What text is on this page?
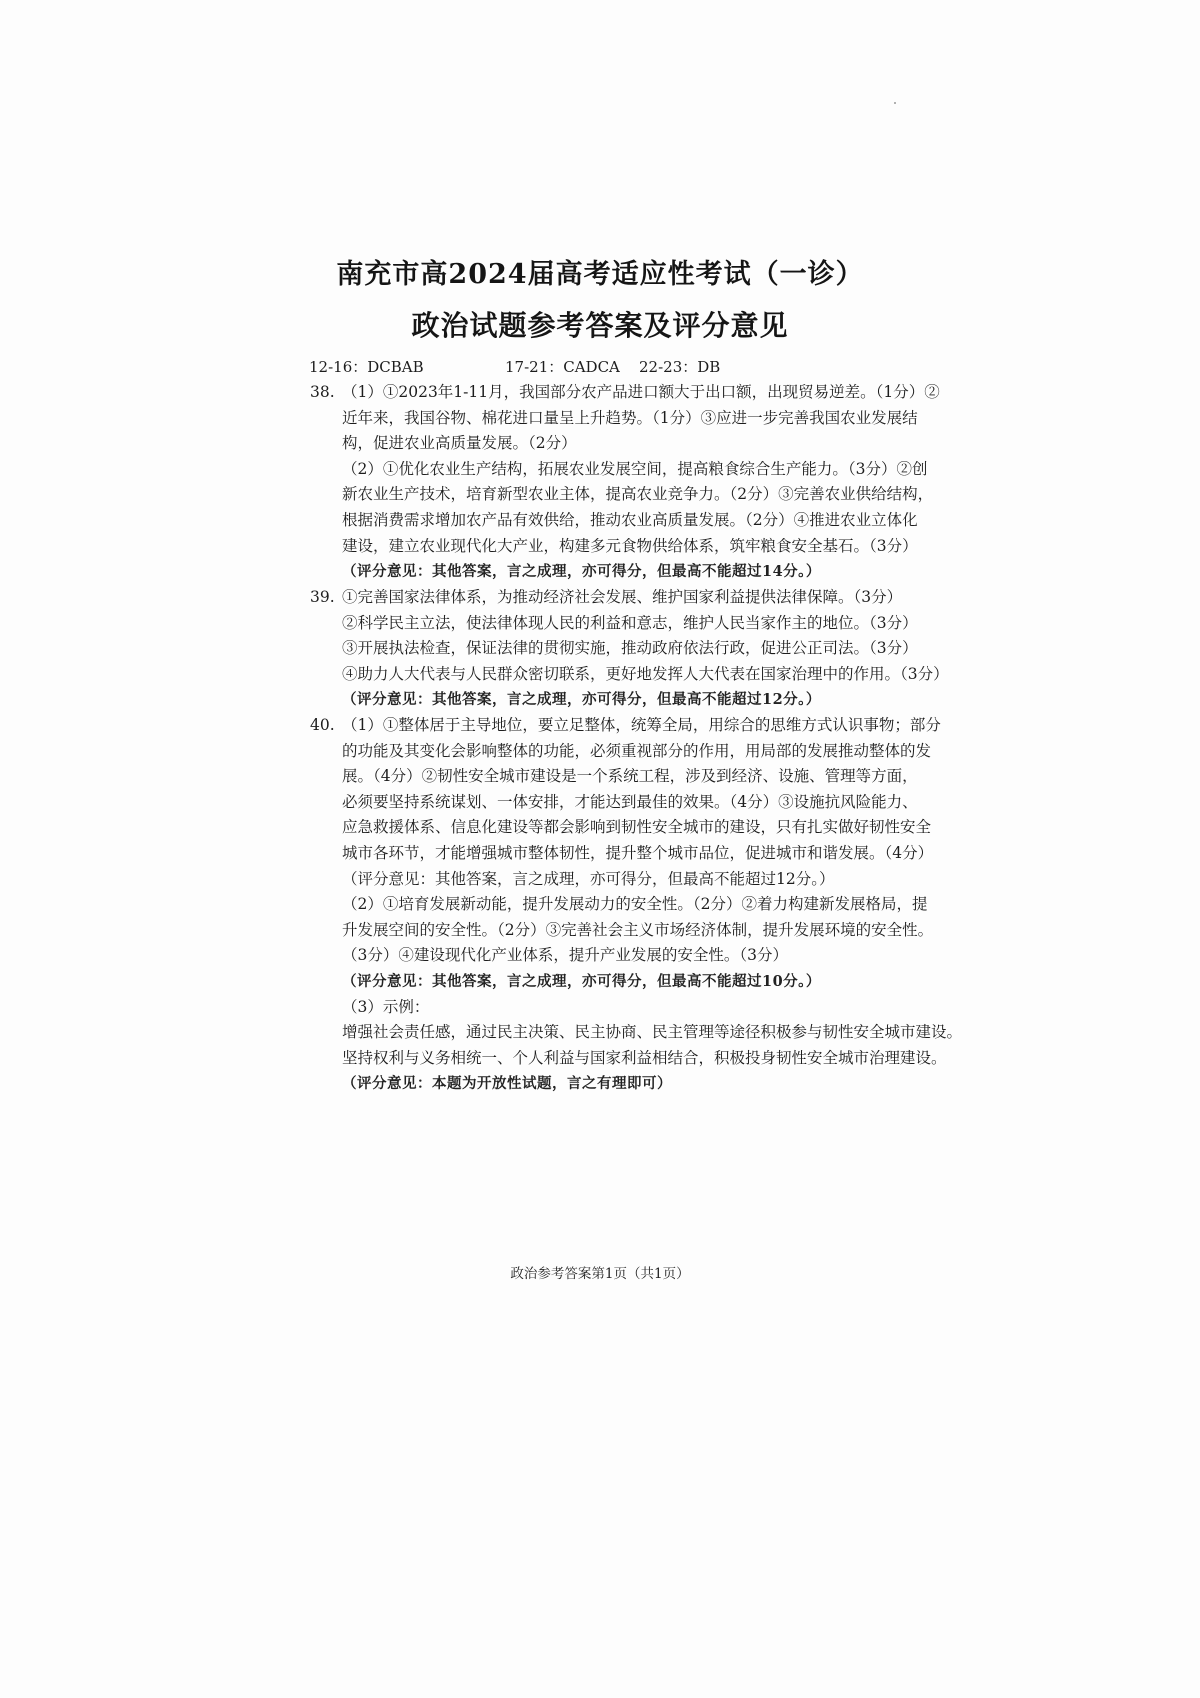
南充市高2024届高考适应性考试（一诊）
政治试题参考答案及评分意见
12-16：DCBAB	17-21：CADCA 22-23：DB
38. （1）①2023年1-11月，我国部分农产品进口额大于出口额，出现贸易逆差。（1分）②
近年来，我国谷物、棉花进口量呈上升趋势。（1分）③应进一步完善我国农业发展结
构，促进农业高质量发展。（2分）
（2）①优化农业生产结构，拓展农业发展空间，提高粮食综合生产能力。（3分）②创
新农业生产技术，培育新型农业主体，提高农业竞争力。（2分）③完善农业供给结构，
根据消费需求增加农产品有效供给，推动农业高质量发展。（2分）④推进农业立体化
建设，建立农业现代化大产业，构建多元食物供给体系，筑牢粮食安全基石。（3分）
（评分意见：其他答案，言之成理，亦可得分，但最高不能超过14分。）
39. ①完善国家法律体系，为推动经济社会发展、维护国家利益提供法律保障。（3分）
②科学民主立法，使法律体现人民的利益和意志，维护人民当家作主的地位。（3分）
③开展执法检查，保证法律的贯彻实施，推动政府依法行政，促进公正司法。（3分）
④助力人大代表与人民群众密切联系，更好地发挥人大代表在国家治理中的作用。（3分）
（评分意见：其他答案，言之成理，亦可得分，但最高不能超过12分。）
40. （1）①整体居于主导地位，要立足整体，统筹全局，用综合的思维方式认识事物；部分
的功能及其变化会影响整体的功能，必须重视部分的作用，用局部的发展推动整体的发
展。（4分）②韧性安全城市建设是一个系统工程，涉及到经济、设施、管理等方面，
必须要坚持系统谋划、一体安排，才能达到最佳的效果。（4分）③设施抗风险能力、
应急救援体系、信息化建设等都会影响到韧性安全城市的建设，只有扎实做好韧性安全
城市各环节，才能增强城市整体韧性，提升整个城市品位，促进城市和谐发展。（4分）
（评分意见：其他答案，言之成理，亦可得分，但最高不能超过12分。）
（2）①培育发展新动能，提升发展动力的安全性。（2分）②着力构建新发展格局，提
升发展空间的安全性。（2分）③完善社会主义市场经济体制，提升发展环境的安全性。
（3分）④建设现代化产业体系，提升产业发展的安全性。（3分）
（评分意见：其他答案，言之成理，亦可得分，但最高不能超过10分。）
（3）示例：
增强社会责任感，通过民主决策、民主协商、民主管理等途径积极参与韧性安全城市建设。
坚持权利与义务相统一、个人利益与国家利益相结合，积极投身韧性安全城市治理建设。
（评分意见：本题为开放性试题，言之有理即可）
政治参考答案第1页（共1页）
